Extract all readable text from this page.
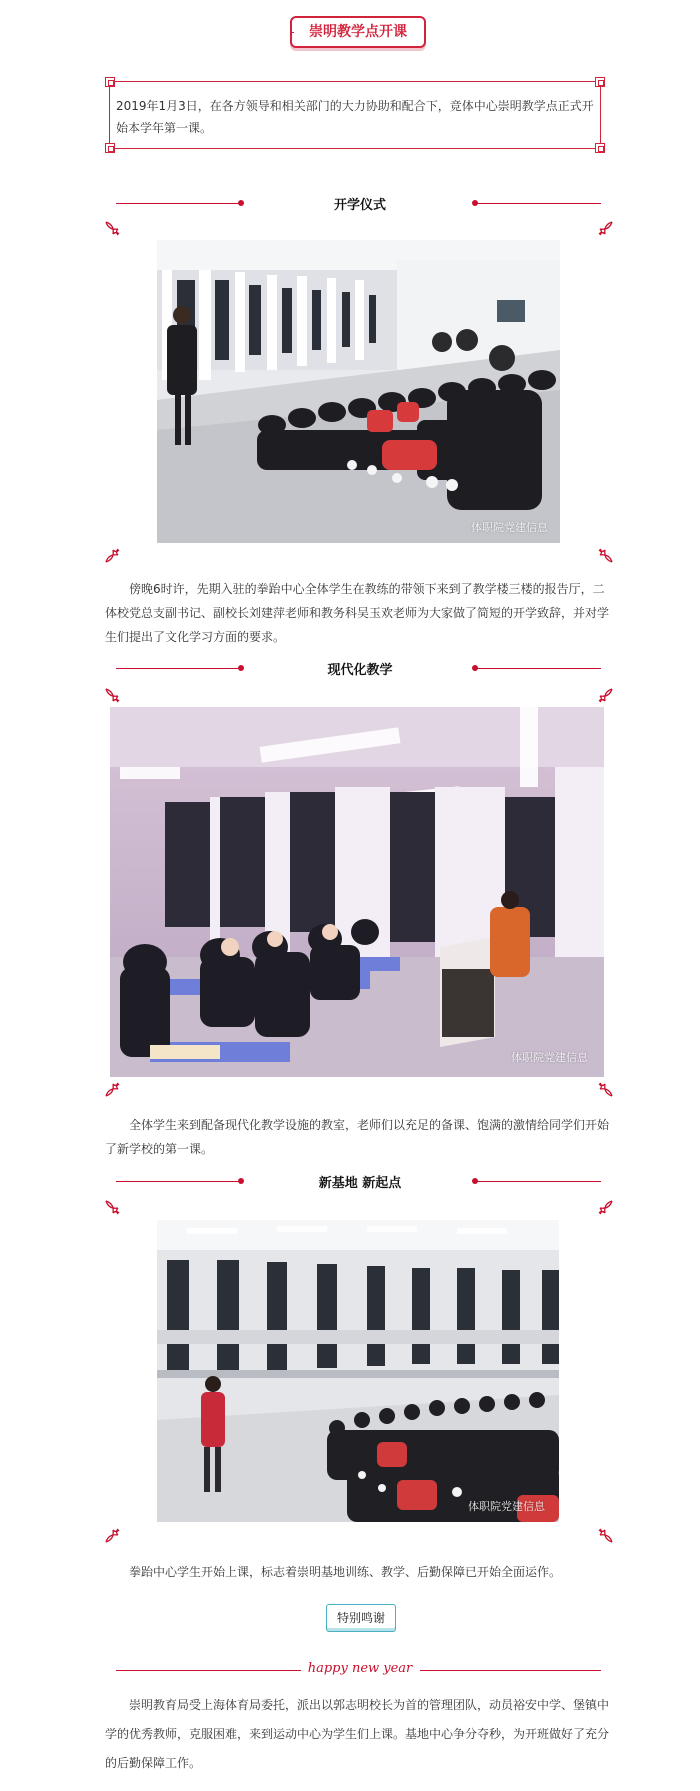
崇明教学点开课
2019年1月3日，在各方领导和相关部门的大力协助和配合下，竞体中心崇明教学点正式开始本学年第一课。
开学仪式
体职院党建信息
傍晚6时许，先期入驻的拳跆中心全体学生在教练的带领下来到了教学楼三楼的报告厅，二体校党总支副书记、副校长刘建萍老师和教务科吴玉欢老师为大家做了简短的开学致辞，并对学生们提出了文化学习方面的要求。
现代化教学
体职院党建信息
全体学生来到配备现代化教学设施的教室，老师们以充足的备课、饱满的激情给同学们开始了新学校的第一课。
新基地 新起点
体职院党建信息
拳跆中心学生开始上课，标志着崇明基地训练、教学、后勤保障已开始全面运作。
特别鸣谢
happy new year
崇明教育局受上海体育局委托，派出以郭志明校长为首的管理团队，动员裕安中学、堡镇中学的优秀教师，克服困难，来到运动中心为学生们上课。基地中心争分夺秒，为开班做好了充分的后勤保障工作。
